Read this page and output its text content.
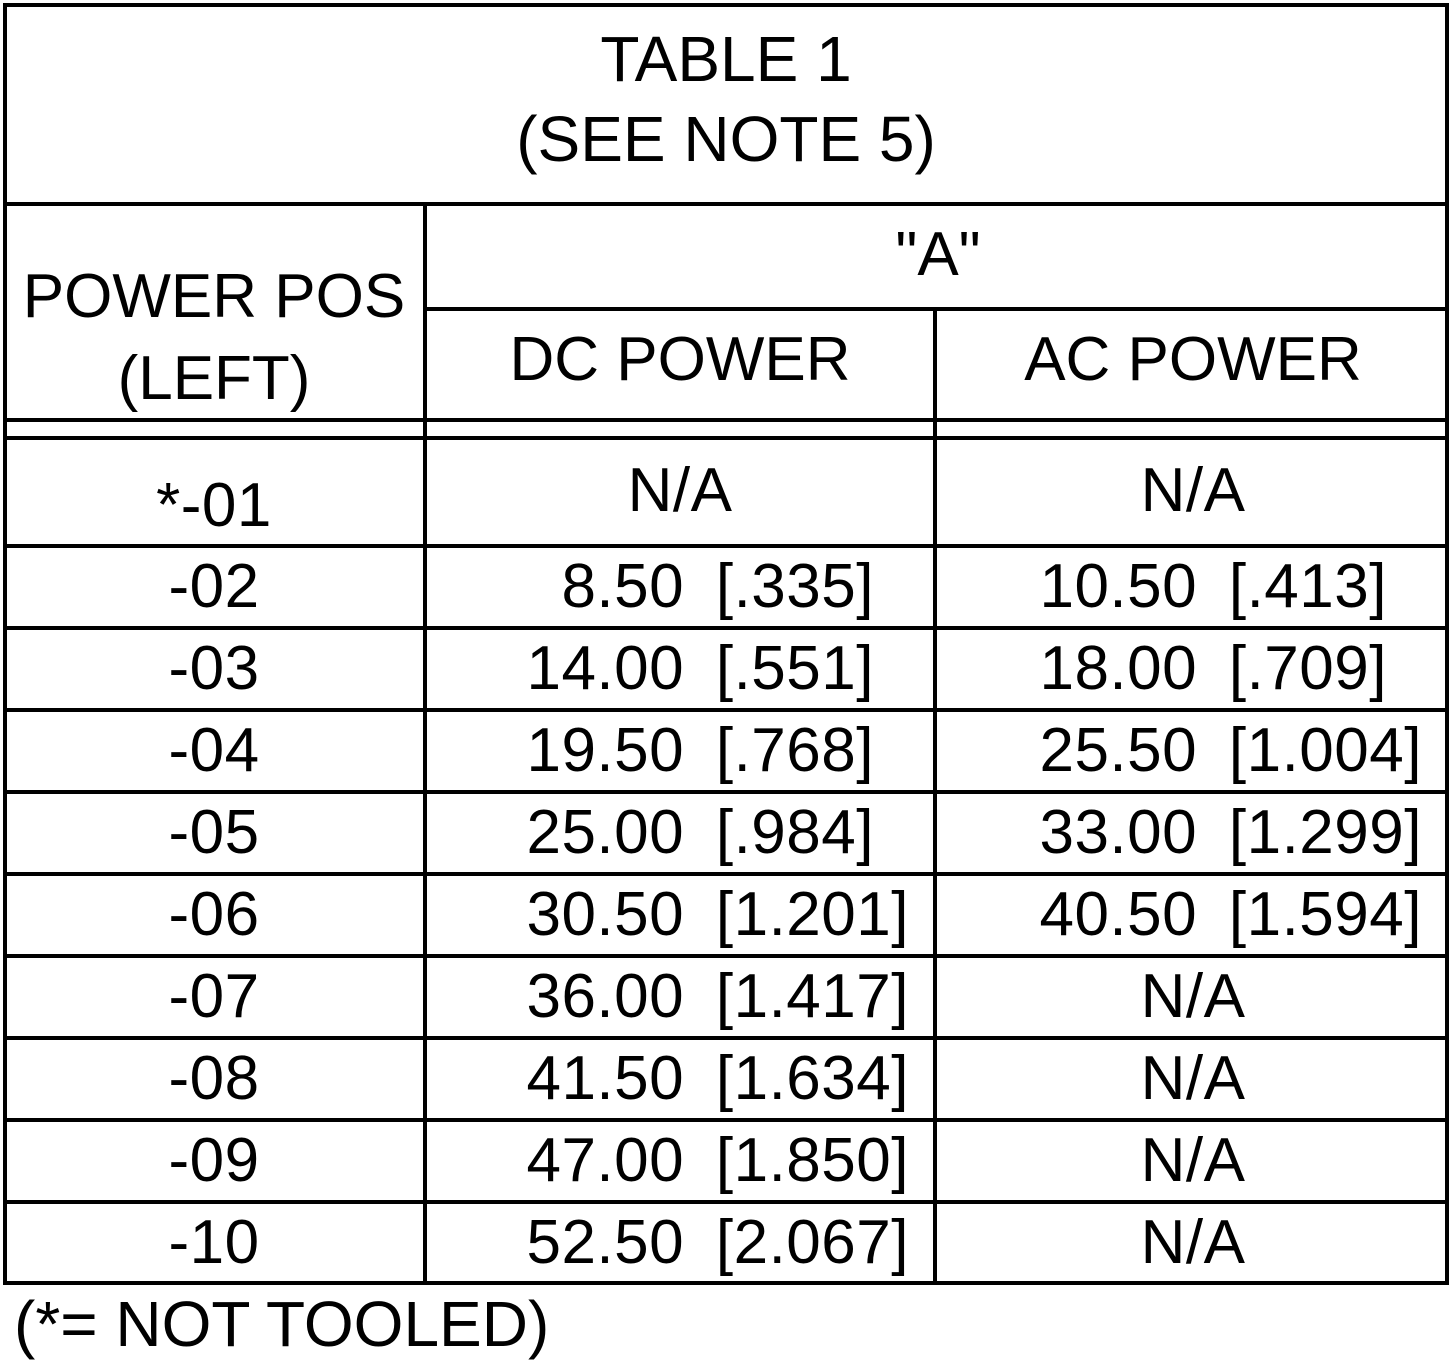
TABLE 1
(SEE NOTE 5)
POWER POS
(LEFT)
"A"
DC POWER	AC POWER
*-01	N/A	N/A
-02	8.50 [.335]	10.50 [.413]
-03	14.00 [.551]	18.00 [.709]
-04	19.50 [.768]	25.50 [1.004]
-05	25.00 [.984]	33.00 [1.299]
-06	30.50 [1.201]	40.50 [1.594]
-07	36.00 [1.417]	N/A
-08	41.50 [1.634]	N/A
-09	47.00 [1.850]	N/A
-10	52.50 [2.067]	N/A
(*= NOT TOOLED)
